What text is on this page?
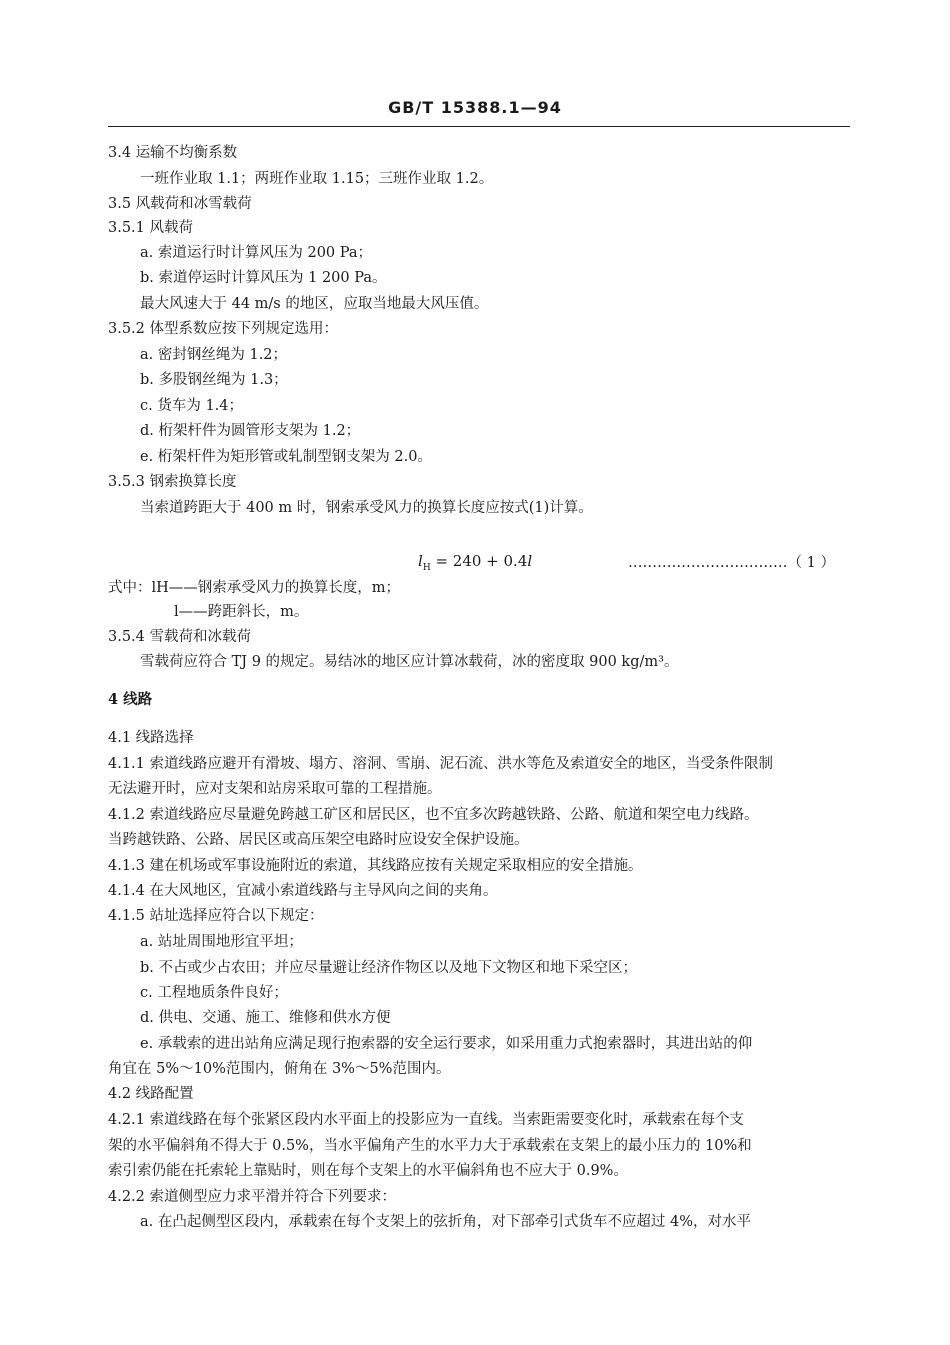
GB/T 15388.1—94
3.4 运输不均衡系数
一班作业取 1.1；两班作业取 1.15；三班作业取 1.2。
3.5 风载荷和冰雪载荷
3.5.1 风载荷
a. 索道运行时计算风压为 200 Pa；
b. 索道停运时计算风压为 1 200 Pa。
最大风速大于 44 m/s 的地区，应取当地最大风压值。
3.5.2 体型系数应按下列规定选用：
a. 密封钢丝绳为 1.2；
b. 多股钢丝绳为 1.3；
c. 货车为 1.4；
d. 桁架杆件为圆管形支架为 1.2；
e. 桁架杆件为矩形管或轧制型钢支架为 2.0。
3.5.3 钢索换算长度
当索道跨距大于 400 m 时，钢索承受风力的换算长度应按式(1)计算。
$l_H = 240 + 0.4l$	……………………………（ 1 ）
式中：lH——钢索承受风力的换算长度，m；
l——跨距斜长，m。
3.5.4 雪载荷和冰载荷
雪载荷应符合 TJ 9 的规定。易结冰的地区应计算冰载荷，冰的密度取 900 kg/m³。
4 线路
4.1 线路选择
4.1.1 索道线路应避开有滑坡、塌方、溶洞、雪崩、泥石流、洪水等危及索道安全的地区，当受条件限制
无法避开时，应对支架和站房采取可靠的工程措施。
4.1.2 索道线路应尽量避免跨越工矿区和居民区，也不宜多次跨越铁路、公路、航道和架空电力线路。
当跨越铁路、公路、居民区或高压架空电路时应设安全保护设施。
4.1.3 建在机场或军事设施附近的索道，其线路应按有关规定采取相应的安全措施。
4.1.4 在大风地区，宜减小索道线路与主导风向之间的夹角。
4.1.5 站址选择应符合以下规定：
a. 站址周围地形宜平坦；
b. 不占或少占农田；并应尽量避让经济作物区以及地下文物区和地下采空区；
c. 工程地质条件良好；
d. 供电、交通、施工、维修和供水方便
e. 承载索的进出站角应满足现行抱索器的安全运行要求，如采用重力式抱索器时，其进出站的仰
角宜在 5%～10%范围内，俯角在 3%～5%范围内。
4.2 线路配置
4.2.1 索道线路在每个张紧区段内水平面上的投影应为一直线。当索距需要变化时，承载索在每个支
架的水平偏斜角不得大于 0.5%，当水平偏角产生的水平力大于承载索在支架上的最小压力的 10%和
索引索仍能在托索轮上靠贴时，则在每个支架上的水平偏斜角也不应大于 0.9%。
4.2.2 索道侧型应力求平滑并符合下列要求：
a. 在凸起侧型区段内，承载索在每个支架上的弦折角，对下部牵引式货车不应超过 4%，对水平
